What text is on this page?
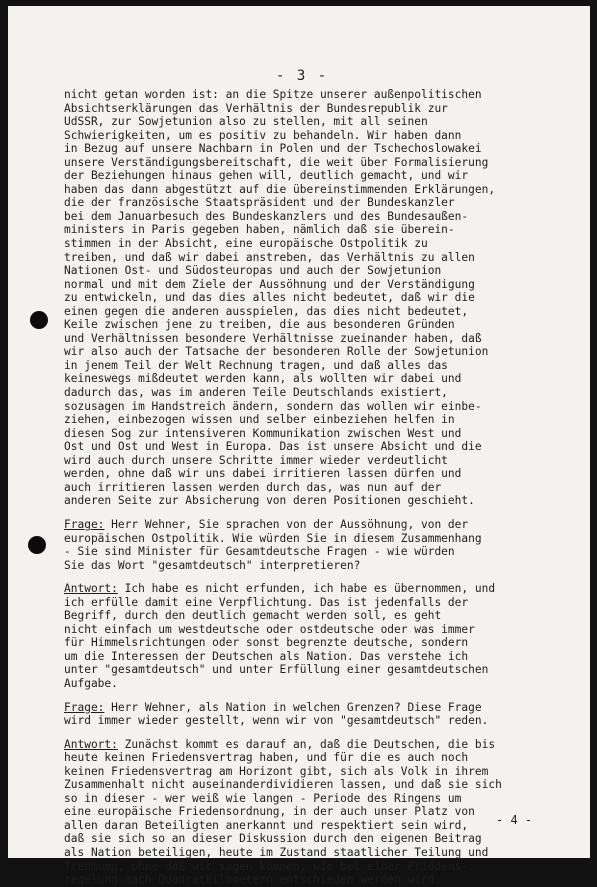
- 3 -
nicht getan worden ist: an die Spitze unserer außenpolitischen
Absichtserklärungen das Verhältnis der Bundesrepublik zur
UdSSR, zur Sowjetunion also zu stellen, mit all seinen
Schwierigkeiten, um es positiv zu behandeln. Wir haben dann
in Bezug auf unsere Nachbarn in Polen und der Tschechoslowakei
unsere Verständigungsbereitschaft, die weit über Formalisierung
der Beziehungen hinaus gehen will, deutlich gemacht, und wir
haben das dann abgestützt auf die übereinstimmenden Erklärungen,
die der französische Staatspräsident und der Bundeskanzler
bei dem Januarbesuch des Bundeskanzlers und des Bundesaußen-
ministers in Paris gegeben haben, nämlich daß sie überein-
stimmen in der Absicht, eine europäische Ostpolitik zu
treiben, und daß wir dabei anstreben, das Verhältnis zu allen
Nationen Ost- und Südosteuropas und auch der Sowjetunion
normal und mit dem Ziele der Aussöhnung und der Verständigung
zu entwickeln, und das dies alles nicht bedeutet, daß wir die
einen gegen die anderen ausspielen, das dies nicht bedeutet,
Keile zwischen jene zu treiben, die aus besonderen Gründen
und Verhältnissen besondere Verhältnisse zueinander haben, daß
wir also auch der Tatsache der besonderen Rolle der Sowjetunion
in jenem Teil der Welt Rechnung tragen, und daß alles das
keineswegs mißdeutet werden kann, als wollten wir dabei und
dadurch das, was im anderen Teile Deutschlands existiert,
sozusagen im Handstreich ändern, sondern das wollen wir einbe-
ziehen, einbezogen wissen und selber einbeziehen helfen in
diesen Sog zur intensiveren Kommunikation zwischen West und
Ost und Ost und West in Europa. Das ist unsere Absicht und die
wird auch durch unsere Schritte immer wieder verdeutlicht
werden, ohne daß wir uns dabei irritieren lassen dürfen und
auch irritieren lassen werden durch das, was nun auf der
anderen Seite zur Absicherung von deren Positionen geschieht.
Frage: Herr Wehner, Sie sprachen von der Aussöhnung, von der
europäischen Ostpolitik. Wie würden Sie in diesem Zusammenhang
- Sie sind Minister für Gesamtdeutsche Fragen - wie würden
Sie das Wort "gesamtdeutsch" interpretieren?
Antwort: Ich habe es nicht erfunden, ich habe es übernommen, und
ich erfülle damit eine Verpflichtung. Das ist jedenfalls der
Begriff, durch den deutlich gemacht werden soll, es geht
nicht einfach um westdeutsche oder ostdeutsche oder was immer
für Himmelsrichtungen oder sonst begrenzte deutsche, sondern
um die Interessen der Deutschen als Nation. Das verstehe ich
unter "gesamtdeutsch" und unter Erfüllung einer gesamtdeutschen
Aufgabe.
Frage: Herr Wehner, als Nation in welchen Grenzen? Diese Frage
wird immer wieder gestellt, wenn wir von "gesamtdeutsch" reden.
Antwort: Zunächst kommt es darauf an, daß die Deutschen, die bis
heute keinen Friedensvertrag haben, und für die es auch noch
keinen Friedensvertrag am Horizont gibt, sich als Volk in ihrem
Zusammenhalt nicht auseinanderdividieren lassen, und daß sie sich
so in dieser - wer weiß wie langen - Periode des Ringens um
eine europäische Friedensordnung, in der auch unser Platz von
allen daran Beteiligten anerkannt und respektiert sein wird,
daß sie sich so an dieser Diskussion durch den eigenen Beitrag
als Nation beteiligen, heute im Zustand staatlicher Teilung und
Trennung, ohne daß wir sagen können, wie bei einer Friedens-
regelung nach Quadratkilometern entschieden werden wird.
- 4 -
